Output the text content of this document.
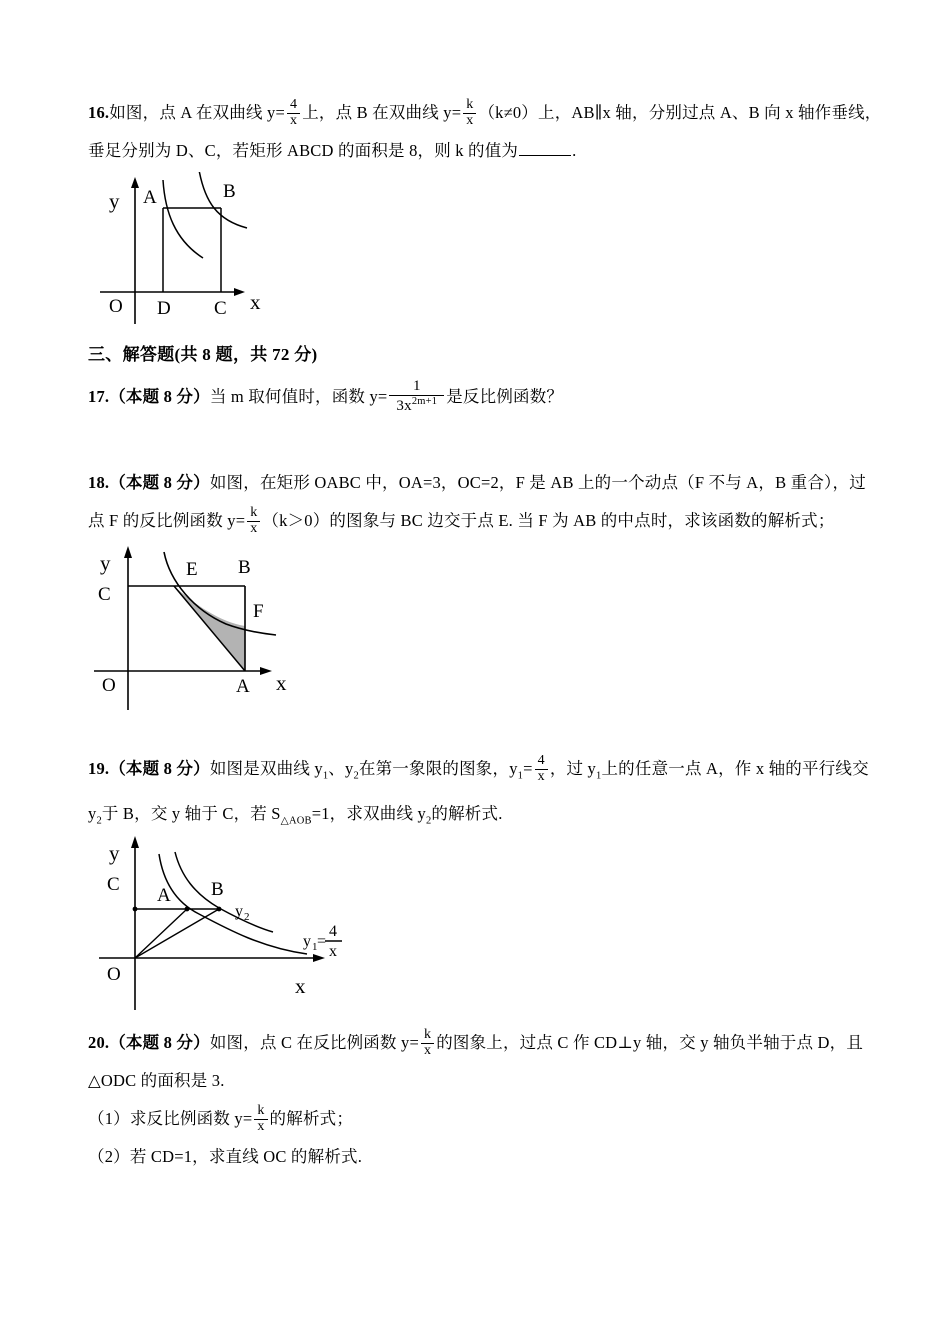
16.如图，点 A 在双曲线 $y= \frac{4}{x}$ 上，点 B 在双曲线 $y= \frac{k}{x} (k\ne 0)$上，AB∥x 轴，分别过点 A、B 向 x 轴作垂线，
垂足分别为 D、C，若矩形 ABCD 的面积是 8，则 k 的值为	.
y
x
O
A	B
D C
三、解答题(共 8 题，共 72 分)
17.（本题 8 分）当 m 取何值时，函数 $y= \frac{1}{3x^{2m+1}}$ 是反比例函数？
18.（本题 8 分）如图，在矩形 OABC 中，OA=3，OC=2，F 是 AB 上的一个动点（F 不与 A，B 重合），过
点 F 的反比例函数 $y= \frac{k}{x} (k>0)$的图象与 BC 边交于点 E. 当 F 为 AB 的中点时，求该函数的解析式；
y
x
O
C
E B
F
A
19.（本题 8 分）如图是双曲线 $y_1$、$y_2$在第一象限的图象，$y_1= \frac{4}{x}$ ，过 $y_1$上的任意一点 A，作 x 轴的平行线交
$y_2$于 B，交 y 轴于 C，若 $S_{\triangle AOB}=1$，求双曲线 $y_2$的解析式.
y
x
C
O
A B
y 2
y 1 =
4
x
20.（本题 8 分）如图，点 C 在反比例函数 $y= \frac{k}{x}$ 的图象上，过点 C 作 CD⊥y 轴，交 y 轴负半轴于点 D，且
△ODC 的面积是 3.
（1）求反比例函数 $y= \frac{k}{x}$ 的解析式；
（2）若 CD=1，求直线 OC 的解析式.
